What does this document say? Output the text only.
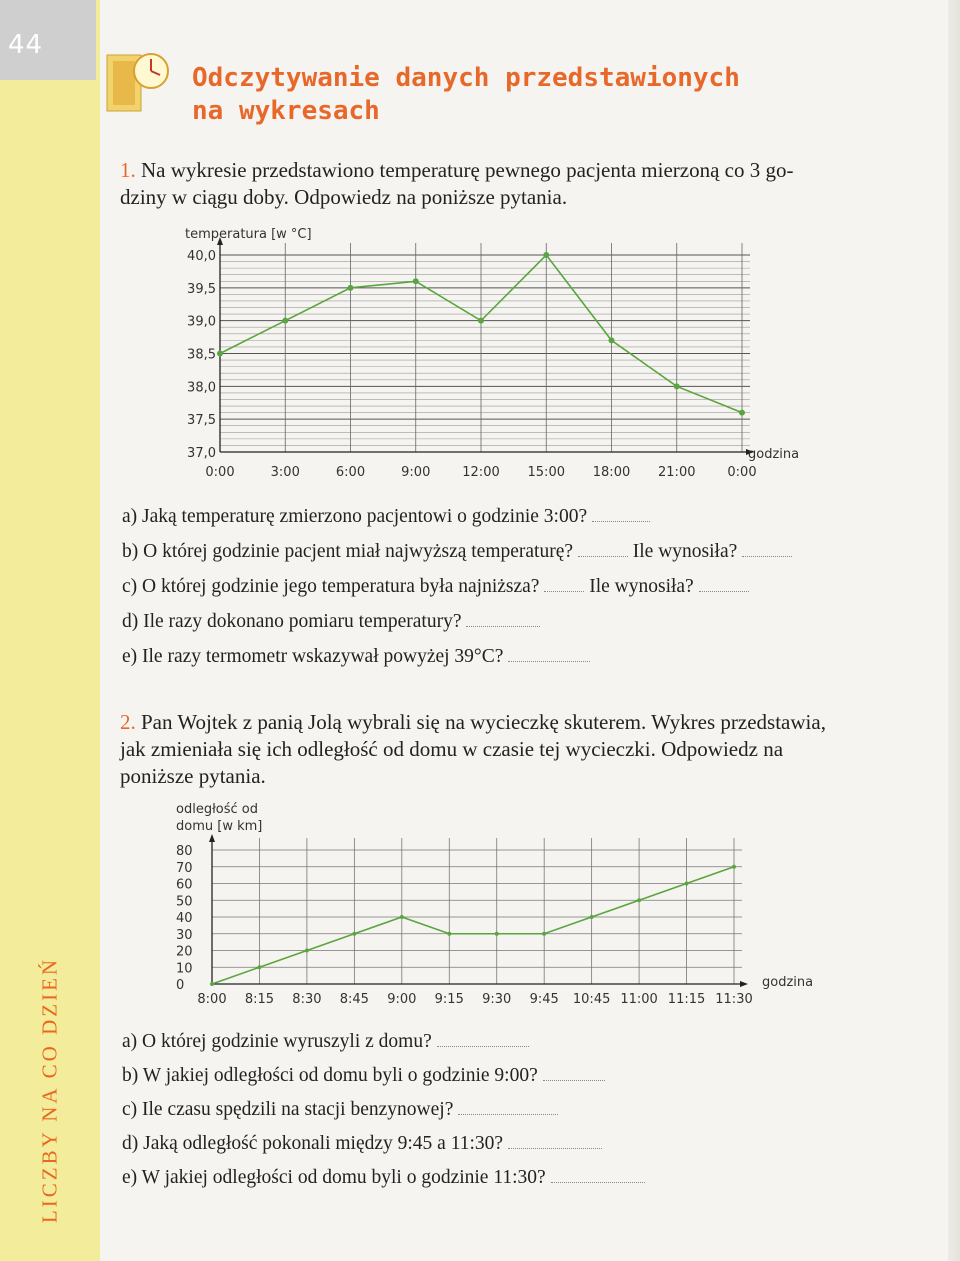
44
LICZBY NA CO DZIEŃ
Odczytywanie danych przedstawionych
na wykresach
1. Na wykresie przedstawiono temperaturę pewnego pacjenta mierzoną co 3 go-
dziny w ciągu doby. Odpowiedz na poniższe pytania.
temperatura [w °C]
godzina
37,0
37,5
38,0
38,5
39,0
39,5
40,0
0:00	3:00	6:00	9:00 12:00 15:00 18:00 21:00 0:00
a) Jaką temperaturę zmierzono pacjentowi o godzinie 3:00?
b) O której godzinie pacjent miał najwyższą temperaturę?	Ile wynosiła?
c) O której godzinie jego temperatura była najniższa?	Ile wynosiła?
d) Ile razy dokonano pomiaru temperatury?
e) Ile razy termometr wskazywał powyżej 39°C?
2. Pan Wojtek z panią Jolą wybrali się na wycieczkę skuterem. Wykres przedstawia,
jak zmieniała się ich odległość od domu w czasie tej wycieczki. Odpowiedz na
poniższe pytania.
odległość od
domu [w km]
godzina
0
10
20
30
40
50
60
70
80
8:00 8:15 8:30 8:45 9:00 9:15 9:30 9:45 10:45 11:00 11:15 11:30
a) O której godzinie wyruszyli z domu?
b) W jakiej odległości od domu byli o godzinie 9:00?
c) Ile czasu spędzili na stacji benzynowej?
d) Jaką odległość pokonali między 9:45 a 11:30?
e) W jakiej odległości od domu byli o godzinie 11:30?
